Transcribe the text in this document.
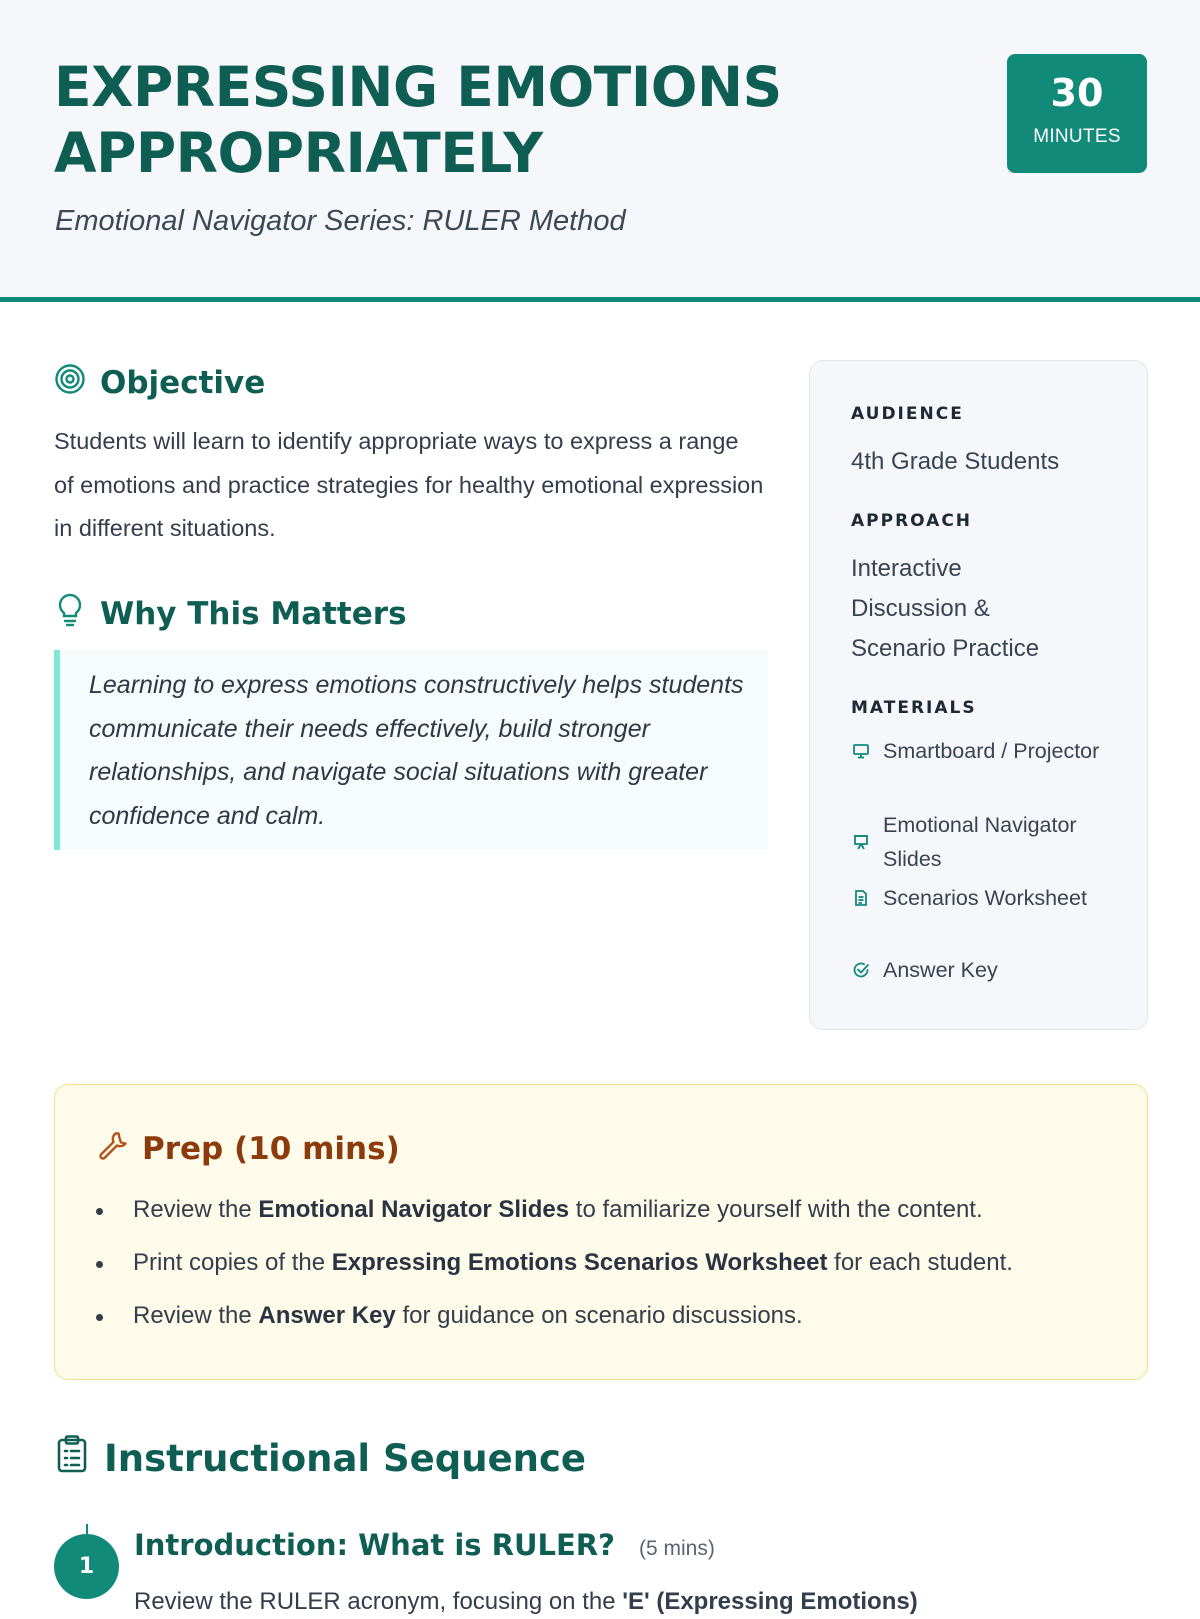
EXPRESSING EMOTIONS APPROPRIATELY
Emotional Navigator Series: RULER Method
30
MINUTES
Objective

Students will learn to identify appropriate ways to express a range of emotions and practice strategies for healthy emotional expression in different situations.

Why This Matters
Learning to express emotions constructively helps students communicate their needs effectively, build stronger relationships, and navigate social situations with greater confidence and calm.
AUDIENCE
4th Grade Students
APPROACH
Interactive Discussion & Scenario Practice
MATERIALS
Smartboard / Projector
Emotional Navigator Slides
Scenarios Worksheet
Answer Key
Prep (10 mins)
Review the Emotional Navigator Slides to familiarize yourself with the content.
Print copies of the Expressing Emotions Scenarios Worksheet for each student.
Review the Answer Key for guidance on scenario discussions.
Instructional Sequence
1
Introduction: What is RULER? (5 mins)
Review the RULER acronym, focusing on the 'E' (Expressing Emotions)
